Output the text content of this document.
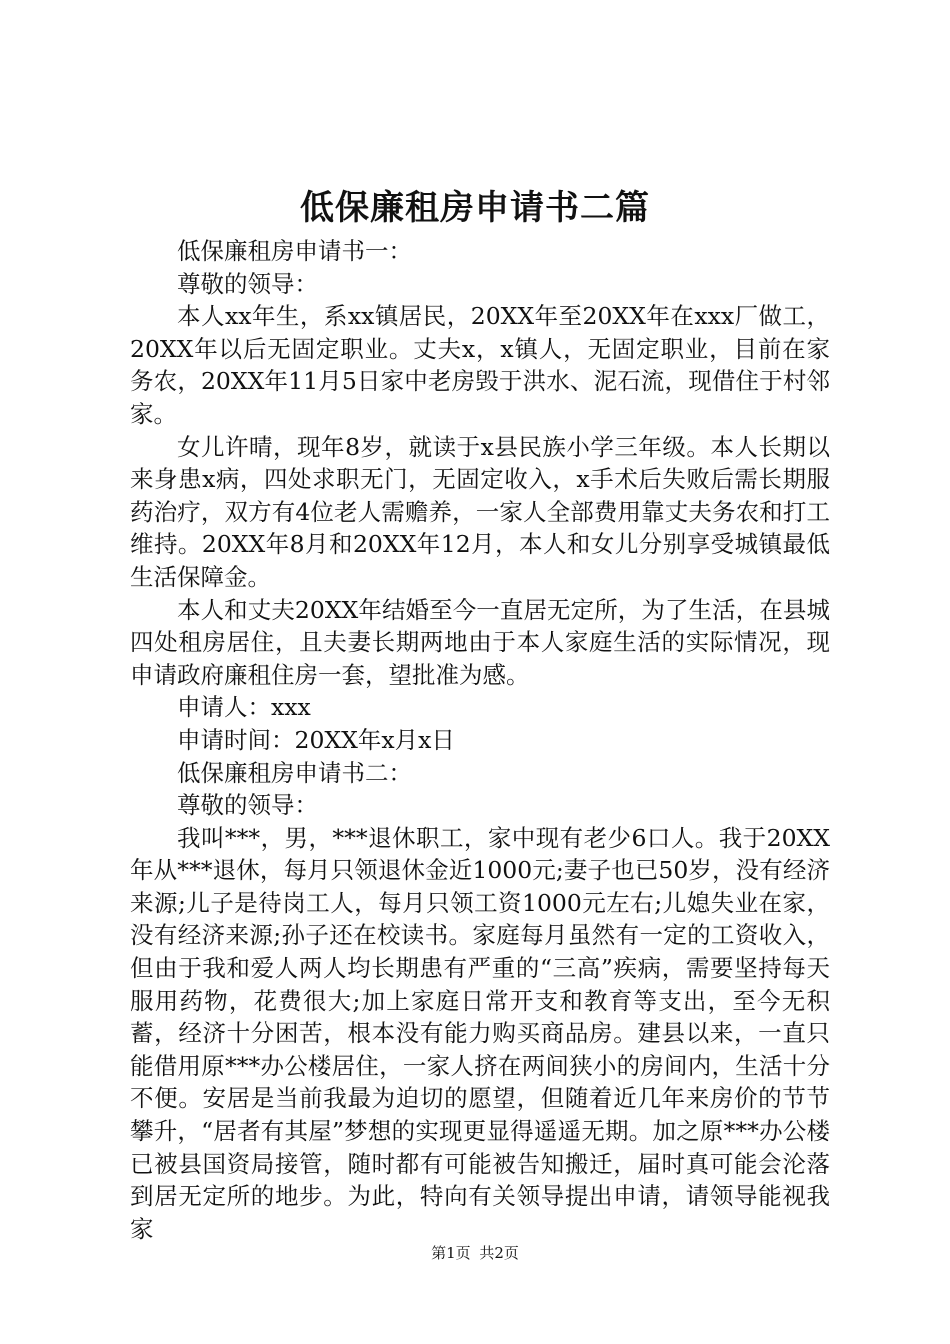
低保廉租房申请书二篇

低保廉租房申请书一：

尊敬的领导：

本人xx年生，系xx镇居民，20XX年至20XX年在xxx厂做工，20XX年以后无固定职业。丈夫x，x镇人，无固定职业，目前在家务农，20XX年11月5日家中老房毁于洪水、泥石流，现借住于村邻家。

女儿许晴，现年8岁，就读于x县民族小学三年级。本人长期以来身患x病，四处求职无门，无固定收入，x手术后失败后需长期服药治疗，双方有4位老人需赡养，一家人全部费用靠丈夫务农和打工维持。20XX年8月和20XX年12月，本人和女儿分别享受城镇最低生活保障金。

本人和丈夫20XX年结婚至今一直居无定所，为了生活，在县城四处租房居住，且夫妻长期两地由于本人家庭生活的实际情况，现申请政府廉租住房一套，望批准为感。

申请人：xxx

申请时间：20XX年x月x日

低保廉租房申请书二：

尊敬的领导：

我叫***，男，***退休职工，家中现有老少6口人。我于20XX年从***退休，每月只领退休金近1000元;妻子也已50岁，没有经济来源;儿子是待岗工人，每月只领工资1000元左右;儿媳失业在家，没有经济来源;孙子还在校读书。家庭每月虽然有一定的工资收入，但由于我和爱人两人均长期患有严重的“三高”疾病，需要坚持每天服用药物，花费很大;加上家庭日常开支和教育等支出，至今无积蓄，经济十分困苦，根本没有能力购买商品房。建县以来，一直只能借用原***办公楼居住，一家人挤在两间狭小的房间内，生活十分不便。安居是当前我最为迫切的愿望，但随着近几年来房价的节节攀升，“居者有其屋”梦想的实现更显得遥遥无期。加之原***办公楼已被县国资局接管，随时都有可能被告知搬迁，届时真可能会沦落到居无定所的地步。为此，特向有关领导提出申请，请领导能视我家

第1页 共2页
